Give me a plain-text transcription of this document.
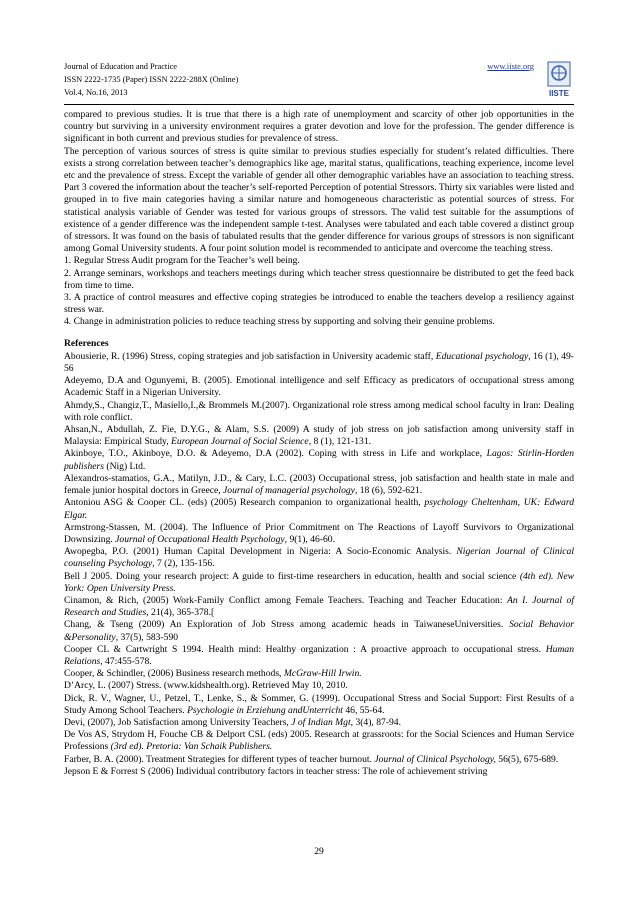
Journal of Education and Practice
ISSN 2222-1735 (Paper) ISSN 2222-288X (Online)
Vol.4, No.16, 2013
www.iiste.org
IISTE

compared to previous studies. It is true that there is a high rate of unemployment and scarcity of other job opportunities in the country but surviving in a university environment requires a grater devotion and love for the profession. The gender difference is significant in both current and previous studies for prevalence of stress.

The perception of various sources of stress is quite similar to previous studies especially for student’s related difficulties. There exists a strong correlation between teacher’s demographics like age, marital status, qualifications, teaching experience, income level etc and the prevalence of stress. Except the variable of gender all other demographic variables have an association to teaching stress. Part 3 covered the information about the teacher’s self-reported Perception of potential Stressors. Thirty six variables were listed and grouped in to five main categories having a similar nature and homogeneous characteristic as potential sources of stress. For statistical analysis variable of Gender was tested for various groups of stressors. The valid test suitable for the assumptions of existence of a gender difference was the independent sample t-test. Analyses were tabulated and each table covered a distinct group of stressors. It was found on the basis of tabulated results that the gender difference for various groups of stressors is non significant among Gomal University students. A four point solution model is recommended to anticipate and overcome the teaching stress.

1. Regular Stress Audit program for the Teacher’s well being.

2. Arrange seminars, workshops and teachers meetings during which teacher stress questionnaire be distributed to get the feed back from time to time.

3. A practice of control measures and effective coping strategies be introduced to enable the teachers develop a resiliency against stress war.

4. Change in administration policies to reduce teaching stress by supporting and solving their genuine problems.

References

Abousierie, R. (1996) Stress, coping strategies and job satisfaction in University academic staff, Educational psychology, 16 (1), 49-56

Adeyemo, D.A and Ogunyemi, B. (2005). Emotional intelligence and self Efficacy as predicators of occupational stress among Academic Staff in a Nigerian University.

Ahmdy,S., Changiz,T., Masiello,I.,& Brommels M.(2007). Organizational role stress among medical school faculty in Iran: Dealing with role conflict.

Ahsan,N., Abdullah, Z. Fie, D.Y.G., & Alam, S.S. (2009) A study of job stress on job satisfaction among university staff in Malaysia: Empirical Study, European Journal of Social Science, 8 (1), 121-131.

Akinboye, T.O., Akinboye, D.O. & Adeyemo, D.A (2002). Coping with stress in Life and workplace, Lagos: Stirlin-Horden publishers (Nig) Ltd.

Alexandros-stamatios, G.A., Matilyn, J.D., & Cary, L.C. (2003) Occupational stress, job satisfaction and health state in male and female junior hospital doctors in Greece, Journal of managerial psychology, 18 (6), 592-621.

Antoniou ASG & Cooper CL. (eds) (2005) Research companion to organizational health, psychology Cheltenham, UK: Edward Elgar.

Armstrong-Stassen, M. (2004). The Influence of Prior Commitment on The Reactions of Layoff Survivors to Organizational Downsizing. Journal of Occupational Health Psychology, 9(1), 46-60.

Awopegba, P.O. (2001) Human Capital Development in Nigeria: A Socio-Economic Analysis. Nigerian Journal of Clinical counseling Psychology, 7 (2), 135-156.

Bell J 2005. Doing your research project: A guide to first-time researchers in education, health and social science (4th ed). New York: Open University Press.

Cinamon, & Rich, (2005) Work-Family Conflict among Female Teachers. Teaching and Teacher Education: An I. Journal of Research and Studies, 21(4), 365-378.[

Chang, & Tseng (2009) An Exploration of Job Stress among academic heads in TaiwaneseUniversities. Social Behavior &Personality, 37(5), 583-590

Cooper CL & Cartwright S 1994. Health mind: Healthy organization : A proactive approach to occupational stress. Human Relations, 47:455-578.

Cooper, & Schindler, (2006) Business research methods, McGraw-Hill Irwin.

D’Arcy, L. (2007) Stress. (www.kidshealth.org). Retrieved May 10, 2010.

Dick, R. V., Wagner, U., Petzel, T., Lenke, S., & Sommer, G. (1999). Occupational Stress and Social Support: First Results of a Study Among School Teachers. Psychologie in Erziehung andUnterricht 46, 55-64.

Devi, (2007), Job Satisfaction among University Teachers, J of Indian Mgt, 3(4), 87-94.

De Vos AS, Strydom H, Fouche CB & Delport CSL (eds) 2005. Research at grassroots: for the Social Sciences and Human Service Professions (3rd ed). Pretoria: Van Schaik Publishers.

Farber, B. A. (2000). Treatment Strategies for different types of teacher burnout. Journal of Clinical Psychology, 56(5), 675-689.

Jepson E & Forrest S (2006) Individual contributory factors in teacher stress: The role of achievement striving

29
